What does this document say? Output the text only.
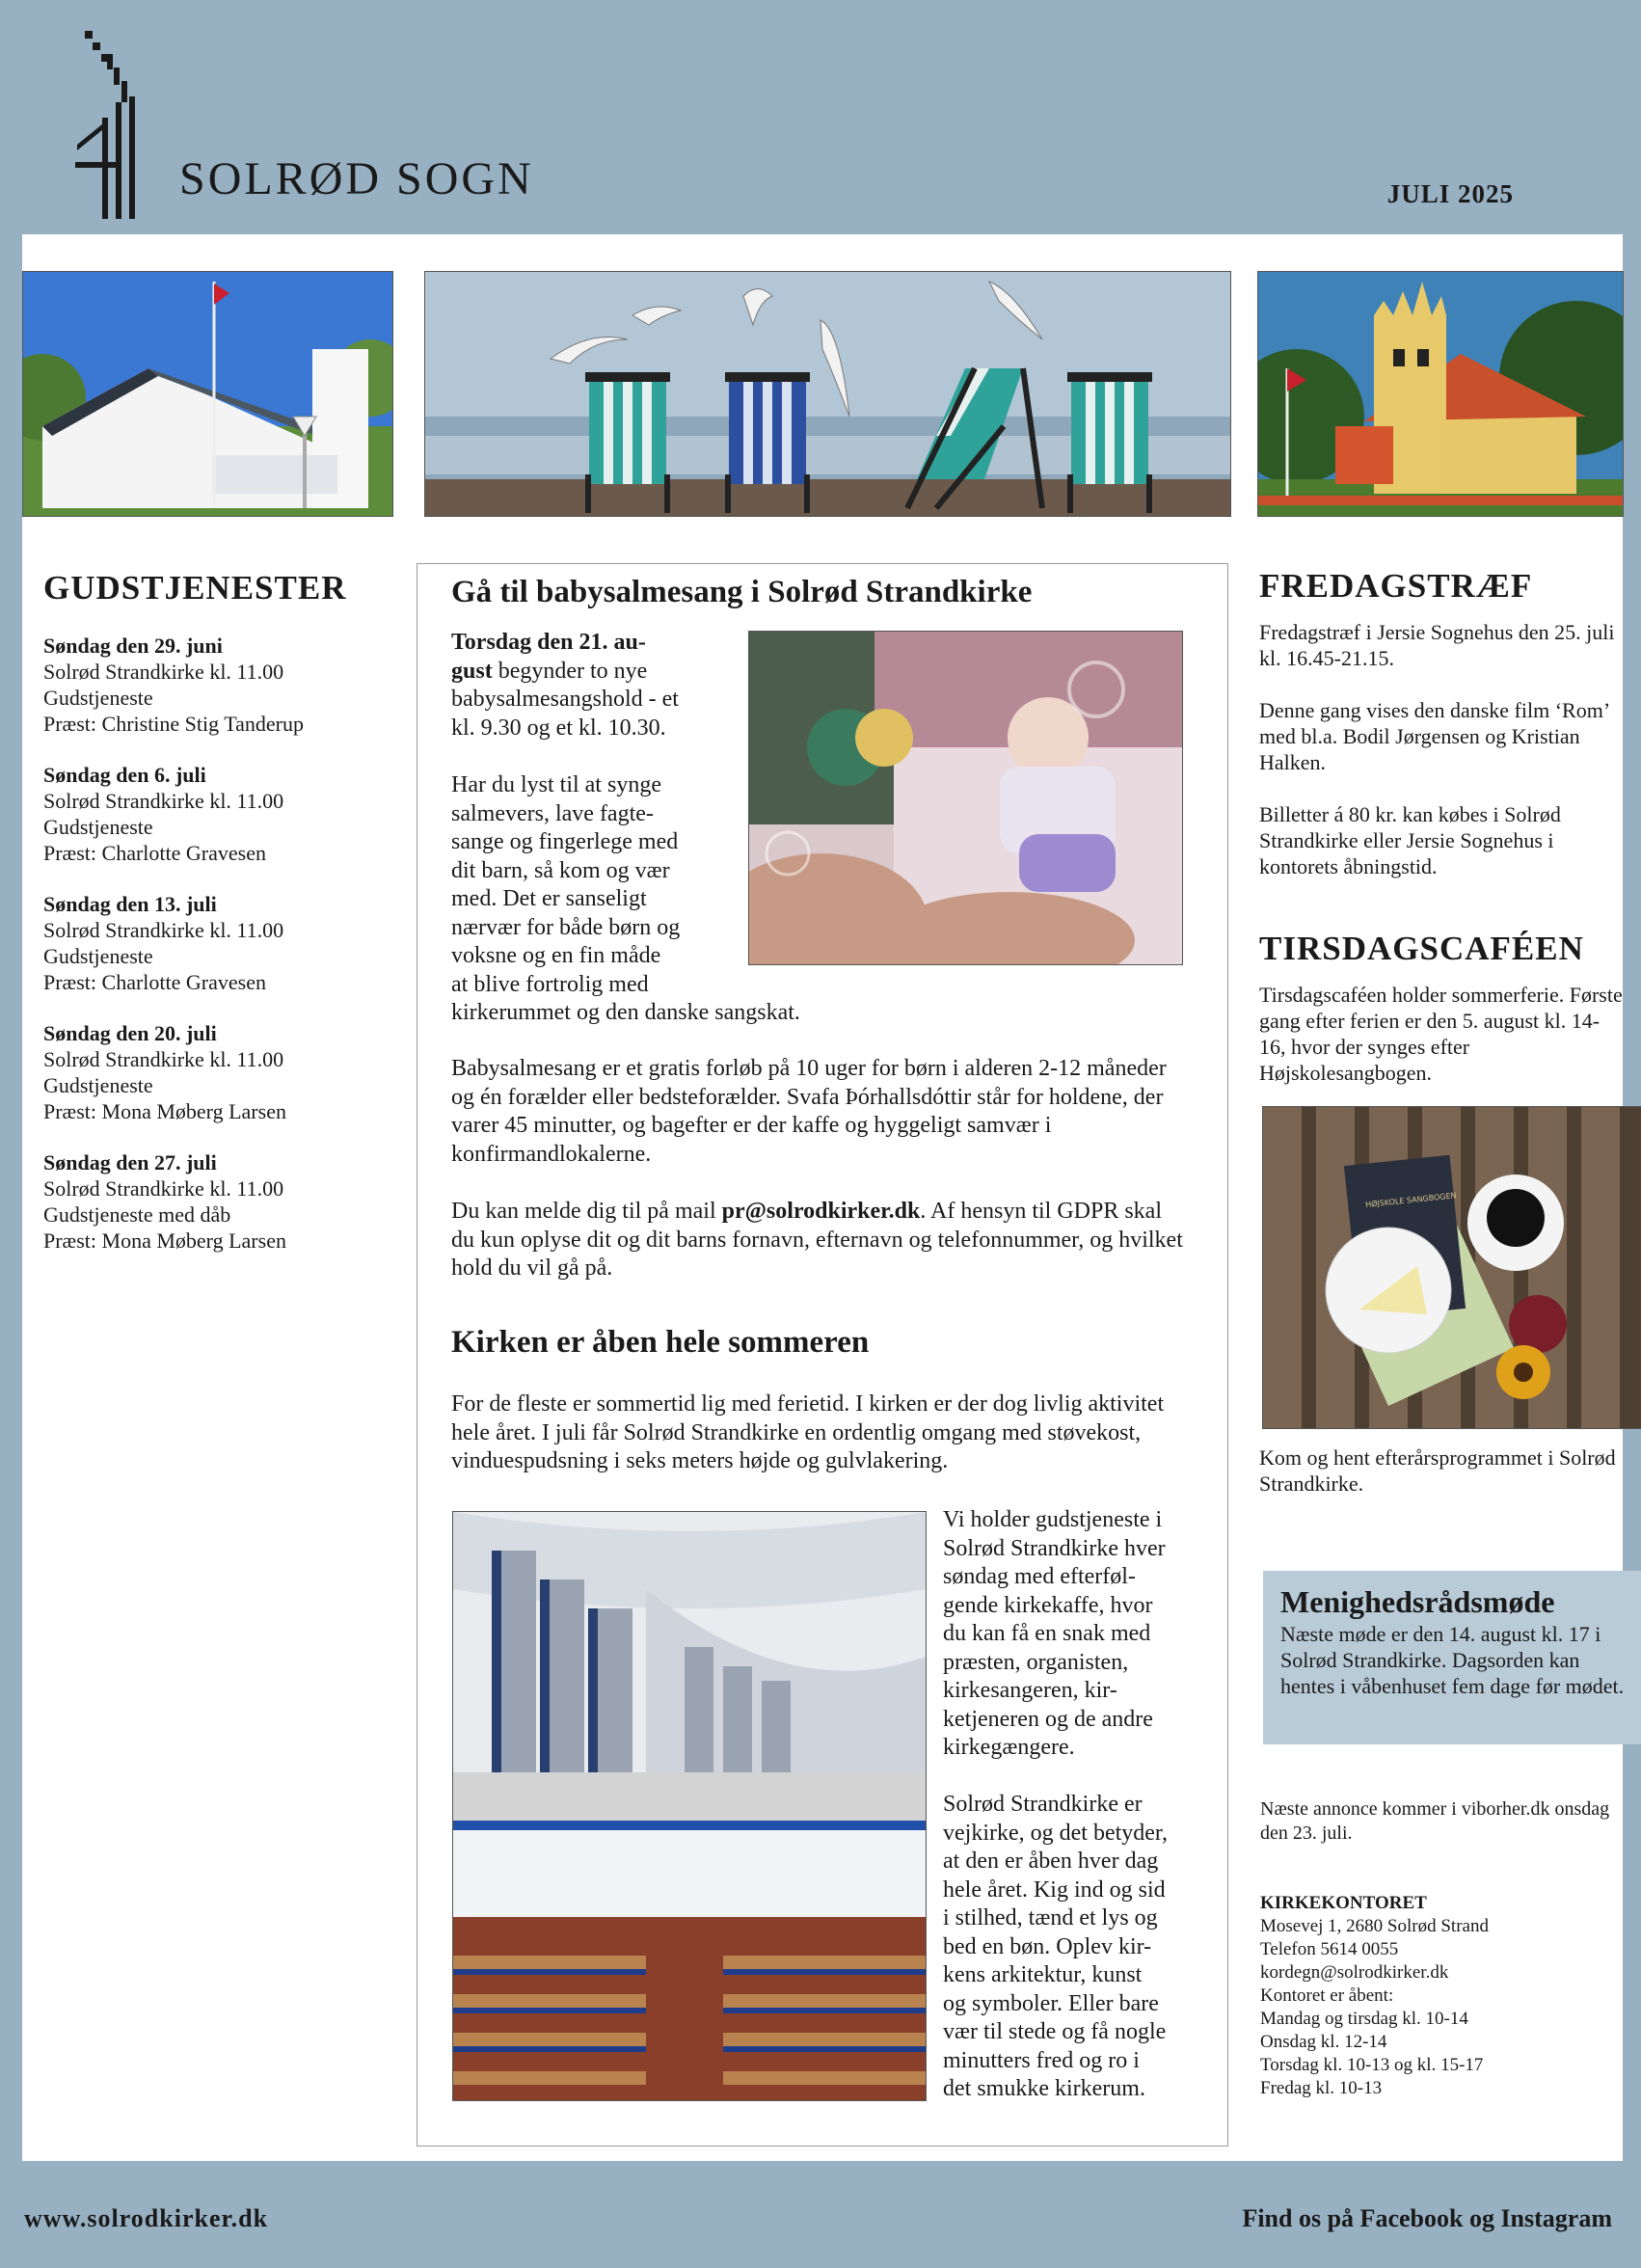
SOLRØD SOGN	JULI 2025
GUDSTJENESTER
Søndag den 29. juni
Solrød Strandkirke kl. 11.00
Gudstjeneste
Præst: Christine Stig Tanderup
Søndag den 6. juli
Solrød Strandkirke kl. 11.00
Gudstjeneste
Præst: Charlotte Gravesen
Søndag den 13. juli
Solrød Strandkirke kl. 11.00
Gudstjeneste
Præst: Charlotte Gravesen
Søndag den 20. juli
Solrød Strandkirke kl. 11.00
Gudstjeneste
Præst: Mona Møberg Larsen
Søndag den 27. juli
Solrød Strandkirke kl. 11.00
Gudstjeneste med dåb
Præst: Mona Møberg Larsen
Gå til babysalmesang i Solrød Strandkirke

Torsdag den 21. au-
gust begynder to nye

babysalmesangshold - et

kl. 9.30 og et kl. 10.30.

Har du lyst til at synge

salmevers, lave fagte-

sange og fingerlege med

dit barn, så kom og vær

med. Det er sanseligt

nærvær for både børn og

voksne og en fin måde

at blive fortrolig med

kirkerummet og den danske sangskat.

Babysalmesang er et gratis forløb på 10 uger for børn i alderen 2-12 måneder og én forælder eller bedsteforælder. Svafa Þórhallsdóttir står for holdene, der varer 45 minutter, og bagefter er der kaffe og hyggeligt samvær i konfirmandlokalerne.

Du kan melde dig til på mail pr@solrodkirker.dk. Af hensyn til GDPR skal du kun oplyse dit og dit barns fornavn, efternavn og telefonnummer, og hvilket hold du vil gå på.

Kirken er åben hele sommeren

For de fleste er sommertid lig med ferietid. I kirken er der dog livlig aktivitet hele året. I juli får Solrød Strandkirke en ordentlig omgang med støvekost, vinduespudsning i seks meters højde og gulvlakering.

Vi holder gudstjeneste i

Solrød Strandkirke hver

søndag med efterføl-

gende kirkekaffe, hvor

du kan få en snak med

præsten, organisten,

kirkesangeren, kir-

ketjeneren og de andre

kirkegængere.

Solrød Strandkirke er

vejkirke, og det betyder,

at den er åben hver dag

hele året. Kig ind og sid

i stilhed, tænd et lys og

bed en bøn. Oplev kir-

kens arkitektur, kunst

og symboler. Eller bare

vær til stede og få nogle

minutters fred og ro i

det smukke kirkerum.

FREDAGSTRÆF

Fredagstræf i Jersie Sognehus den 25. juli kl. 16.45-21.15.

Denne gang vises den danske film ‘Rom’ med bl.a. Bodil Jørgensen og Kristian Halken.

Billetter á 80 kr. kan købes i Solrød Strandkirke eller Jersie Sognehus i kontorets åbningstid.

TIRSDAGSCAFÉEN

Tirsdagscaféen holder sommerferie. Første gang efter ferien er den 5. august kl. 14-16, hvor der synges efter Højskolesangbogen.

HØJSKOLE SANGBOGEN

Kom og hent efterårsprogrammet i Solrød Strandkirke.

Menighedsrådsmøde
Næste møde er den 14. august kl. 17 i Solrød Strandkirke. Dagsorden kan hentes i våbenhuset fem dage før mødet.

Næste annonce kommer i viborher.dk onsdag den 23. juli.

KIRKEKONTORET
Mosevej 1, 2680 Solrød Strand
Telefon 5614 0055
kordegn@solrodkirker.dk
Kontoret er åbent:
Mandag og tirsdag kl. 10-14
Onsdag kl. 12-14
Torsdag kl. 10-13 og kl. 15-17
Fredag kl. 10-13
www.solrodkirker.dk	Find os på Facebook og Instagram
